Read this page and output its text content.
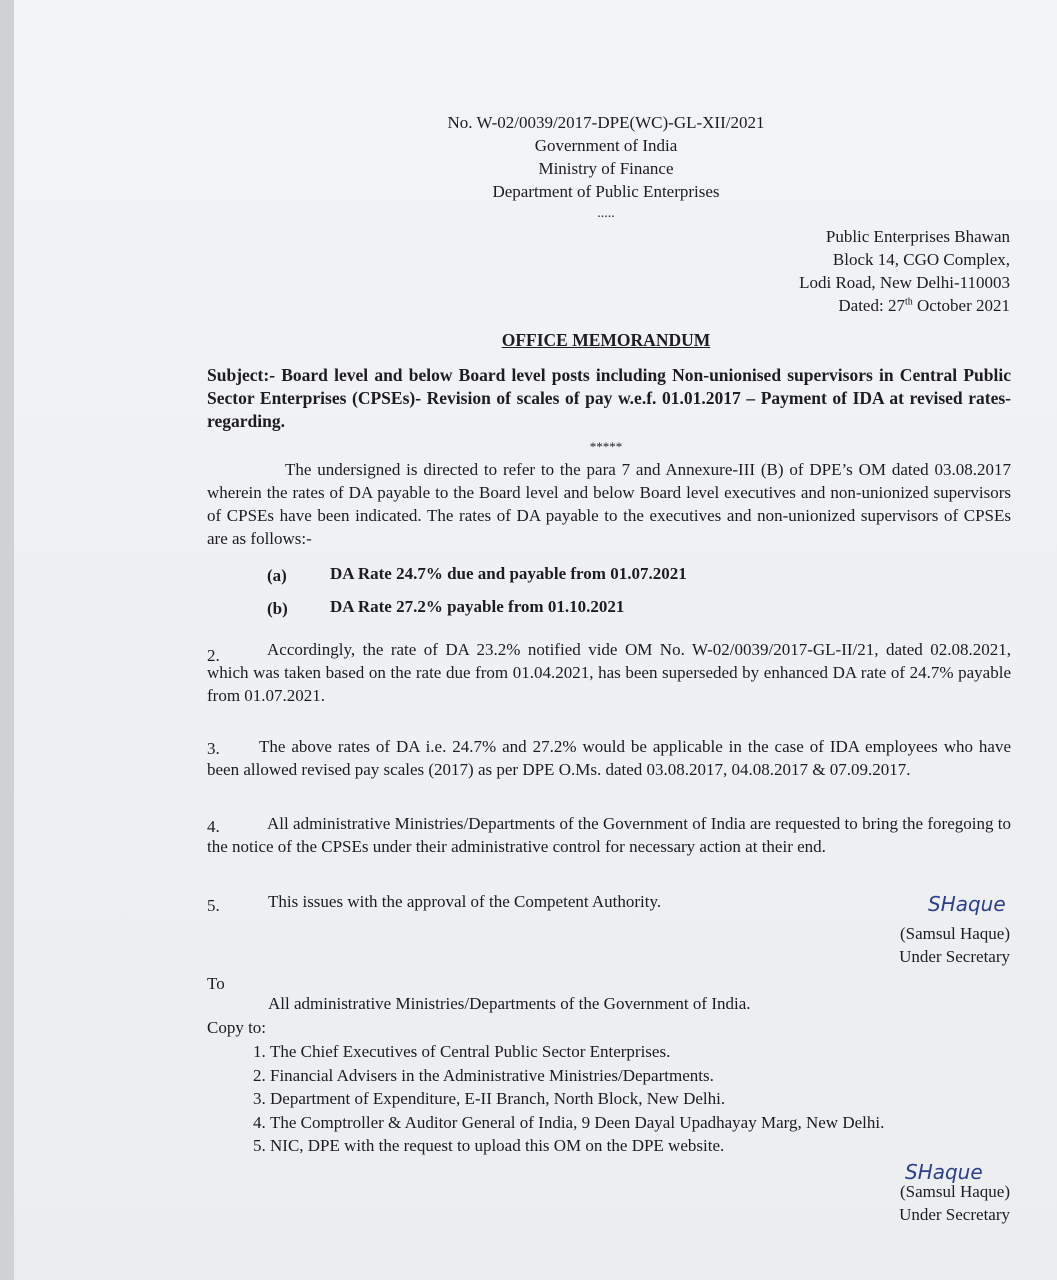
No. W-02/0039/2017-DPE(WC)-GL-XII/2021
Government of India
Ministry of Finance
Department of Public Enterprises
.....
Public Enterprises Bhawan
Block 14, CGO Complex,
Lodi Road, New Delhi-110003
Dated: 27th October 2021
OFFICE MEMORANDUM
Subject:- Board level and below Board level posts including Non-unionised supervisors in Central Public Sector Enterprises (CPSEs)- Revision of scales of pay w.e.f. 01.01.2017 – Payment of IDA at revised rates-regarding.
*****
The undersigned is directed to refer to the para 7 and Annexure-III (B) of DPE’s OM dated 03.08.2017 wherein the rates of DA payable to the Board level and below Board level executives and non-unionized supervisors of CPSEs have been indicated. The rates of DA payable to the executives and non-unionized supervisors of CPSEs are as follows:-
(a)	DA Rate 24.7% due and payable from 01.07.2021
(b) DA Rate 27.2% payable from 01.10.2021
2.	Accordingly, the rate of DA 23.2% notified vide OM No. W-02/0039/2017-GL-II/21, dated 02.08.2021, which was taken based on the rate due from 01.04.2021, has been superseded by enhanced DA rate of 24.7% payable from 01.07.2021.
3.	The above rates of DA i.e. 24.7% and 27.2% would be applicable in the case of IDA employees who have been allowed revised pay scales (2017) as per DPE O.Ms. dated 03.08.2017, 04.08.2017 & 07.09.2017.
4.	All administrative Ministries/Departments of the Government of India are requested to bring the foregoing to the notice of the CPSEs under their administrative control for necessary action at their end.
5.	This issues with the approval of the Competent Authority.	SHaque
(Samsul Haque)
Under Secretary
To
All administrative Ministries/Departments of the Government of India.
Copy to:
1. The Chief Executives of Central Public Sector Enterprises.
2. Financial Advisers in the Administrative Ministries/Departments.
3. Department of Expenditure, E-II Branch, North Block, New Delhi.
4. The Comptroller & Auditor General of India, 9 Deen Dayal Upadhayay Marg, New Delhi.
5. NIC, DPE with the request to upload this OM on the DPE website.
SHaque
(Samsul Haque)
Under Secretary
